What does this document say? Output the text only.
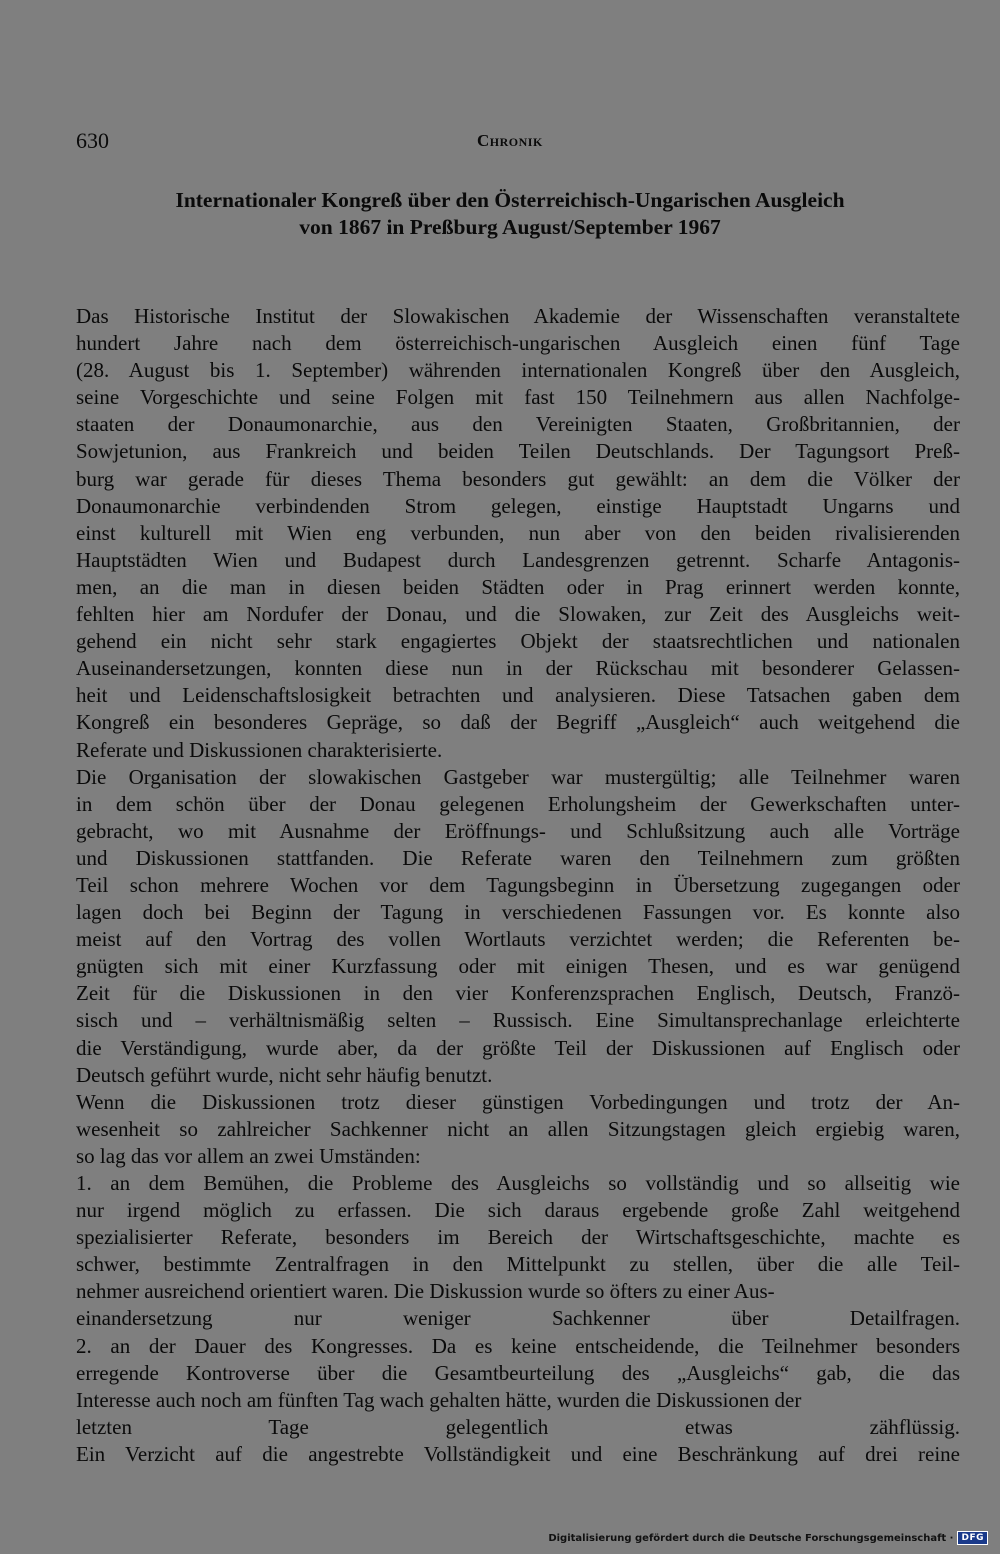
630	Chronik
Internationaler Kongreß über den Österreichisch-Ungarischen Ausgleich
von 1867 in Preßburg August/September 1967
Das Historische Institut der Slowakischen Akademie der Wissenschaften veranstaltete
hundert Jahre nach dem österreichisch-ungarischen Ausgleich einen fünf Tage
(28. August bis 1. September) währenden internationalen Kongreß über den Ausgleich,
seine Vorgeschichte und seine Folgen mit fast 150 Teilnehmern aus allen Nachfolge-
staaten der Donaumonarchie, aus den Vereinigten Staaten, Großbritannien, der
Sowjetunion, aus Frankreich und beiden Teilen Deutschlands. Der Tagungsort Preß-
burg war gerade für dieses Thema besonders gut gewählt: an dem die Völker der
Donaumonarchie verbindenden Strom gelegen, einstige Hauptstadt Ungarns und
einst kulturell mit Wien eng verbunden, nun aber von den beiden rivalisierenden
Hauptstädten Wien und Budapest durch Landesgrenzen getrennt. Scharfe Antagonis-
men, an die man in diesen beiden Städten oder in Prag erinnert werden konnte,
fehlten hier am Nordufer der Donau, und die Slowaken, zur Zeit des Ausgleichs weit-
gehend ein nicht sehr stark engagiertes Objekt der staatsrechtlichen und nationalen
Auseinandersetzungen, konnten diese nun in der Rückschau mit besonderer Gelassen-
heit und Leidenschaftslosigkeit betrachten und analysieren. Diese Tatsachen gaben dem
Kongreß ein besonderes Gepräge, so daß der Begriff „Ausgleich“ auch weitgehend die
Referate und Diskussionen charakterisierte.
Die Organisation der slowakischen Gastgeber war mustergültig; alle Teilnehmer waren
in dem schön über der Donau gelegenen Erholungsheim der Gewerkschaften unter-
gebracht, wo mit Ausnahme der Eröffnungs- und Schlußsitzung auch alle Vorträge
und Diskussionen stattfanden. Die Referate waren den Teilnehmern zum größten
Teil schon mehrere Wochen vor dem Tagungsbeginn in Übersetzung zugegangen oder
lagen doch bei Beginn der Tagung in verschiedenen Fassungen vor. Es konnte also
meist auf den Vortrag des vollen Wortlauts verzichtet werden; die Referenten be-
gnügten sich mit einer Kurzfassung oder mit einigen Thesen, und es war genügend
Zeit für die Diskussionen in den vier Konferenzsprachen Englisch, Deutsch, Franzö-
sisch und – verhältnismäßig selten – Russisch. Eine Simultansprechanlage erleichterte
die Verständigung, wurde aber, da der größte Teil der Diskussionen auf Englisch oder
Deutsch geführt wurde, nicht sehr häufig benutzt.
Wenn die Diskussionen trotz dieser günstigen Vorbedingungen und trotz der An-
wesenheit so zahlreicher Sachkenner nicht an allen Sitzungstagen gleich ergiebig waren,
so lag das vor allem an zwei Umständen:
1. an dem Bemühen, die Probleme des Ausgleichs so vollständig und so allseitig wie
nur irgend möglich zu erfassen. Die sich daraus ergebende große Zahl weitgehend
spezialisierter Referate, besonders im Bereich der Wirtschaftsgeschichte, machte es
schwer, bestimmte Zentralfragen in den Mittelpunkt zu stellen, über die alle Teil-
nehmer ausreichend orientiert waren. Die Diskussion wurde so öfters zu einer Aus-
einandersetzung nur weniger Sachkenner über Detailfragen.
2. an der Dauer des Kongresses. Da es keine entscheidende, die Teilnehmer besonders
erregende Kontroverse über die Gesamtbeurteilung des „Ausgleichs“ gab, die das
Interesse auch noch am fünften Tag wach gehalten hätte, wurden die Diskussionen der
letzten Tage gelegentlich etwas zähflüssig.
Ein Verzicht auf die angestrebte Vollständigkeit und eine Beschränkung auf drei reine
Digitalisierung gefördert durch die Deutsche Forschungsgemeinschaft · DFG
